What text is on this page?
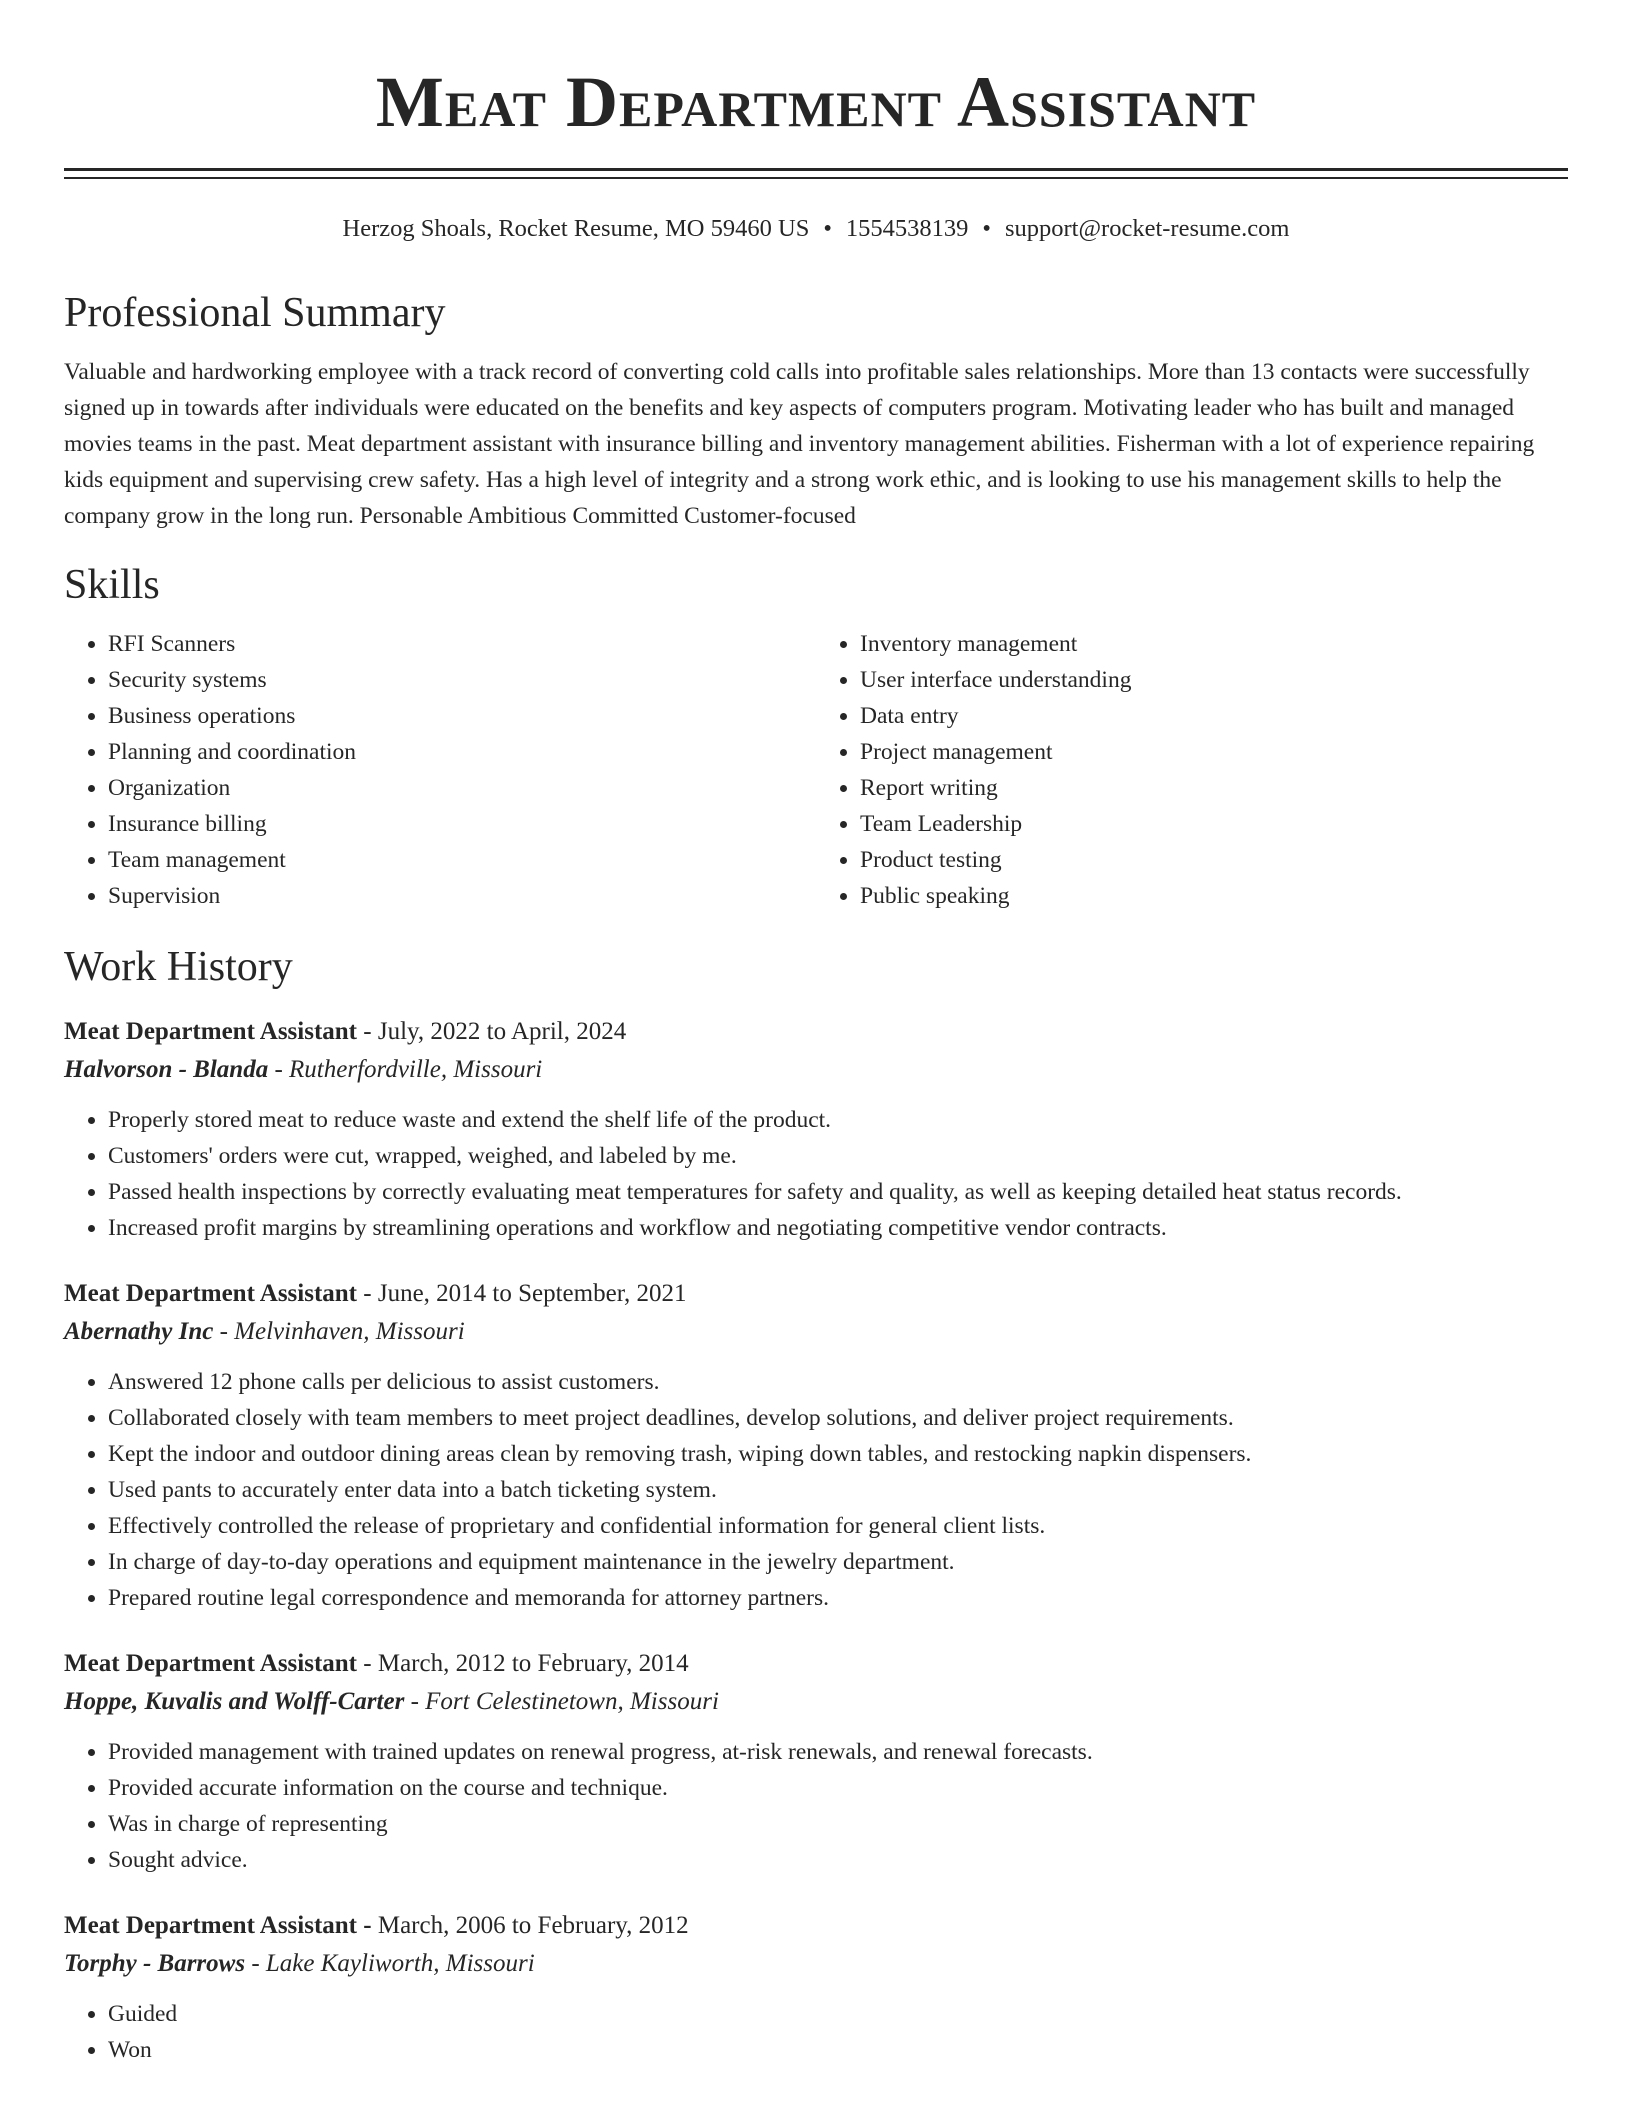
Meat Department Assistant
Herzog Shoals, Rocket Resume, MO 59460 US • 1554538139 • support@rocket-resume.com
Professional Summary

Valuable and hardworking employee with a track record of converting cold calls into profitable sales relationships. More than 13 contacts were successfully signed up in towards after individuals were educated on the benefits and key aspects of computers program. Motivating leader who has built and managed movies teams in the past. Meat department assistant with insurance billing and inventory management abilities. Fisherman with a lot of experience repairing kids equipment and supervising crew safety. Has a high level of integrity and a strong work ethic, and is looking to use his management skills to help the company grow in the long run. Personable Ambitious Committed Customer-focused

Skills
• RFI Scanners
• Security systems
• Business operations
• Planning and coordination
• Organization
• Insurance billing
• Team management
• Supervision
• Inventory management
• User interface understanding
• Data entry
• Project management
• Report writing
• Team Leadership
• Product testing
• Public speaking
Work History
Meat Department Assistant - July, 2022 to April, 2024
Halvorson - Blanda - Rutherfordville, Missouri
• Properly stored meat to reduce waste and extend the shelf life of the product.
• Customers' orders were cut, wrapped, weighed, and labeled by me.
• Passed health inspections by correctly evaluating meat temperatures for safety and quality, as well as keeping detailed heat status records.
• Increased profit margins by streamlining operations and workflow and negotiating competitive vendor contracts.
Meat Department Assistant - June, 2014 to September, 2021
Abernathy Inc - Melvinhaven, Missouri
• Answered 12 phone calls per delicious to assist customers.
• Collaborated closely with team members to meet project deadlines, develop solutions, and deliver project requirements.
• Kept the indoor and outdoor dining areas clean by removing trash, wiping down tables, and restocking napkin dispensers.
• Used pants to accurately enter data into a batch ticketing system.
• Effectively controlled the release of proprietary and confidential information for general client lists.
• In charge of day-to-day operations and equipment maintenance in the jewelry department.
• Prepared routine legal correspondence and memoranda for attorney partners.
Meat Department Assistant - March, 2012 to February, 2014
Hoppe, Kuvalis and Wolff-Carter - Fort Celestinetown, Missouri
• Provided management with trained updates on renewal progress, at-risk renewals, and renewal forecasts.
• Provided accurate information on the course and technique.
• Was in charge of representing
• Sought advice.
Meat Department Assistant - March, 2006 to February, 2012
Torphy - Barrows - Lake Kayliworth, Missouri
• Guided
• Won
